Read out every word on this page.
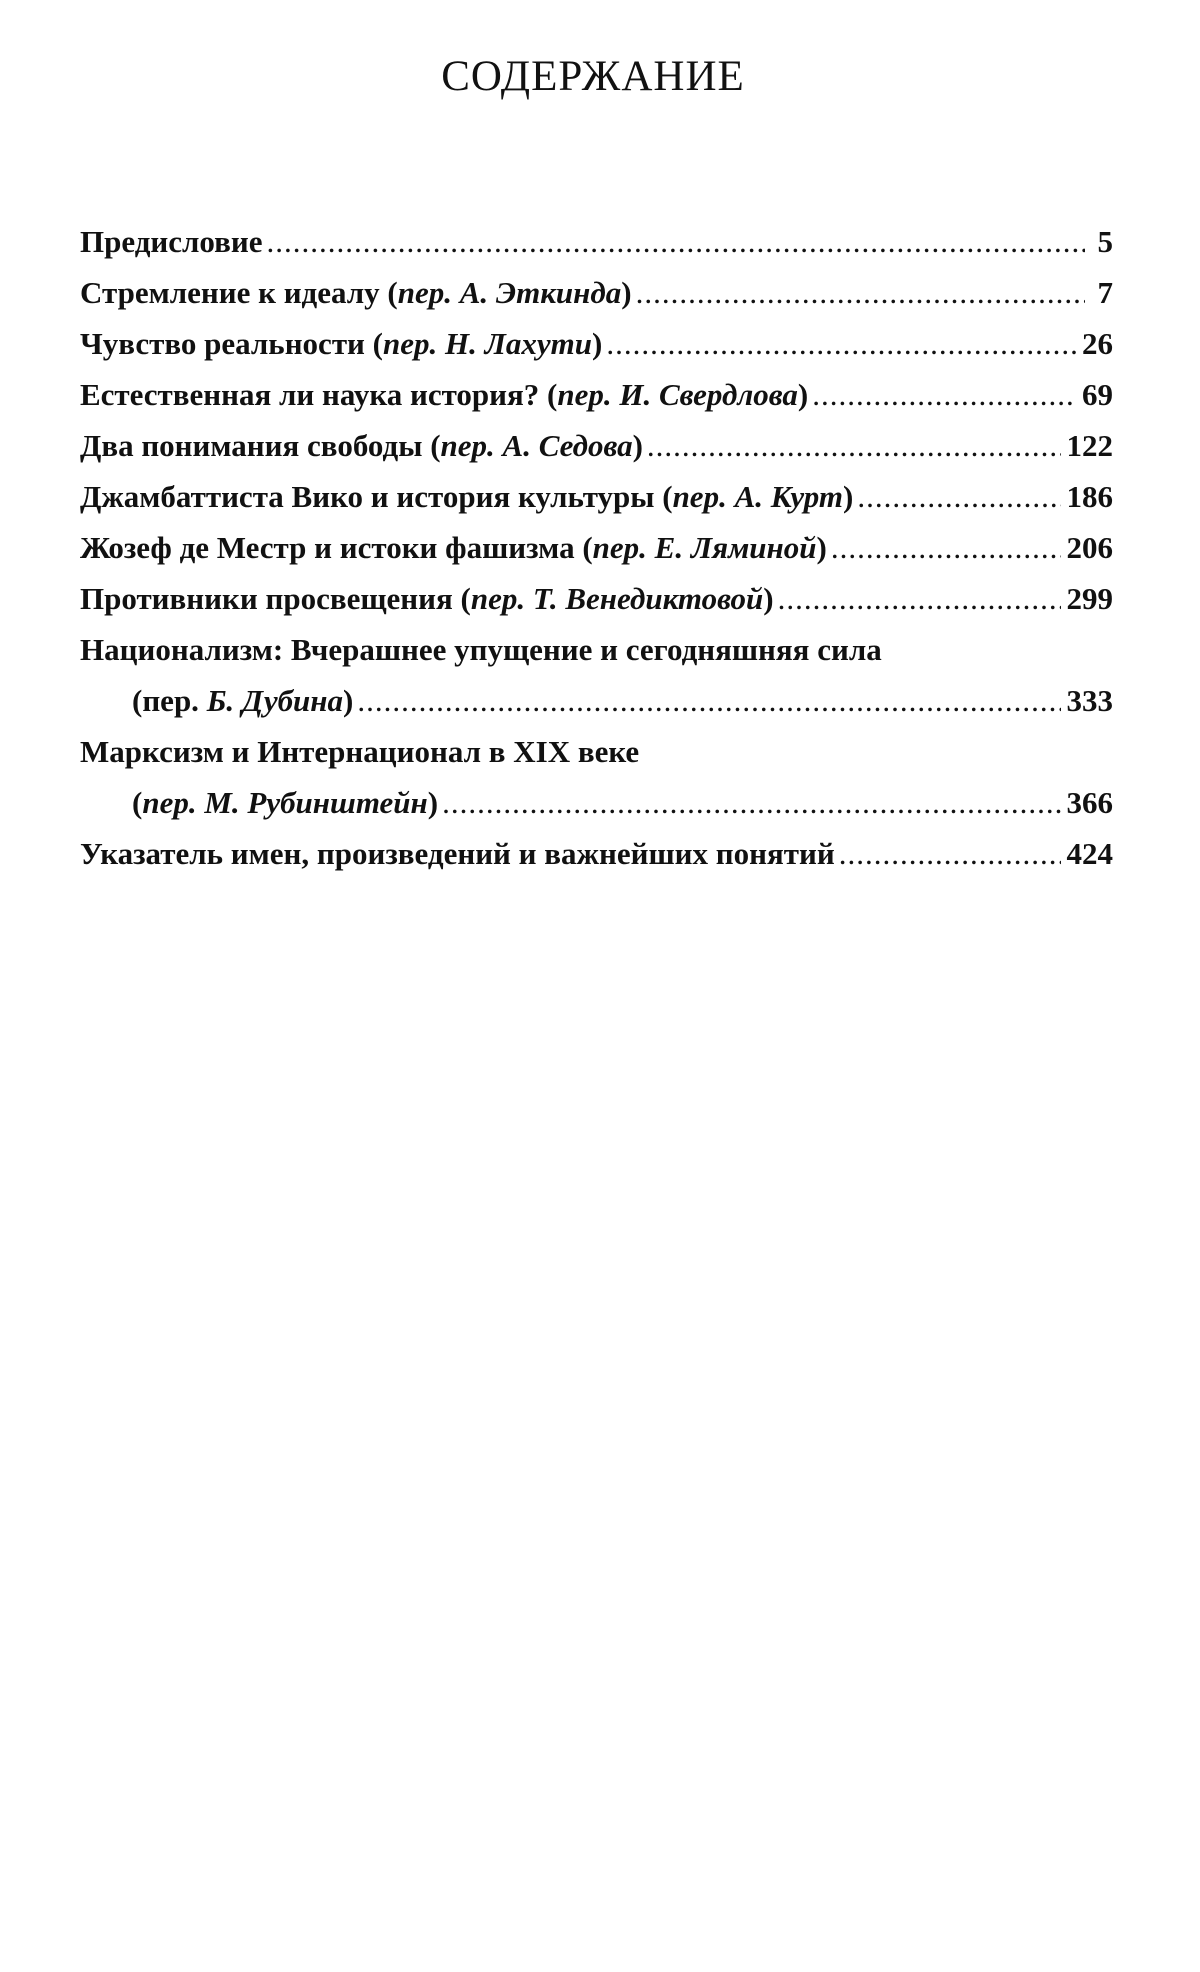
СОДЕРЖАНИЕ
Предисловие .....	5
Стремление к идеалу (пер. А. Эткинда) .....	7
Чувство реальности (пер. Н. Лахути) .....	26
Естественная ли наука история? (пер. И. Свердлова) .....	69
Два понимания свободы (пер. А. Седова) .....	122
Джамбаттиста Вико и история культуры (пер. А. Курт) .....	186
Жозеф де Местр и истоки фашизма (пер. Е. Ляминой) .....	206
Противники просвещения (пер. Т. Венедиктовой) .....	299
Национализм: Вчерашнее упущение и сегодняшняя сила
(пер. Б. Дубина) .....	333
Марксизм и Интернационал в XIX веке
(пер. М. Рубинштейн) .....	366
Указатель имен, произведений и важнейших понятий .....	424
